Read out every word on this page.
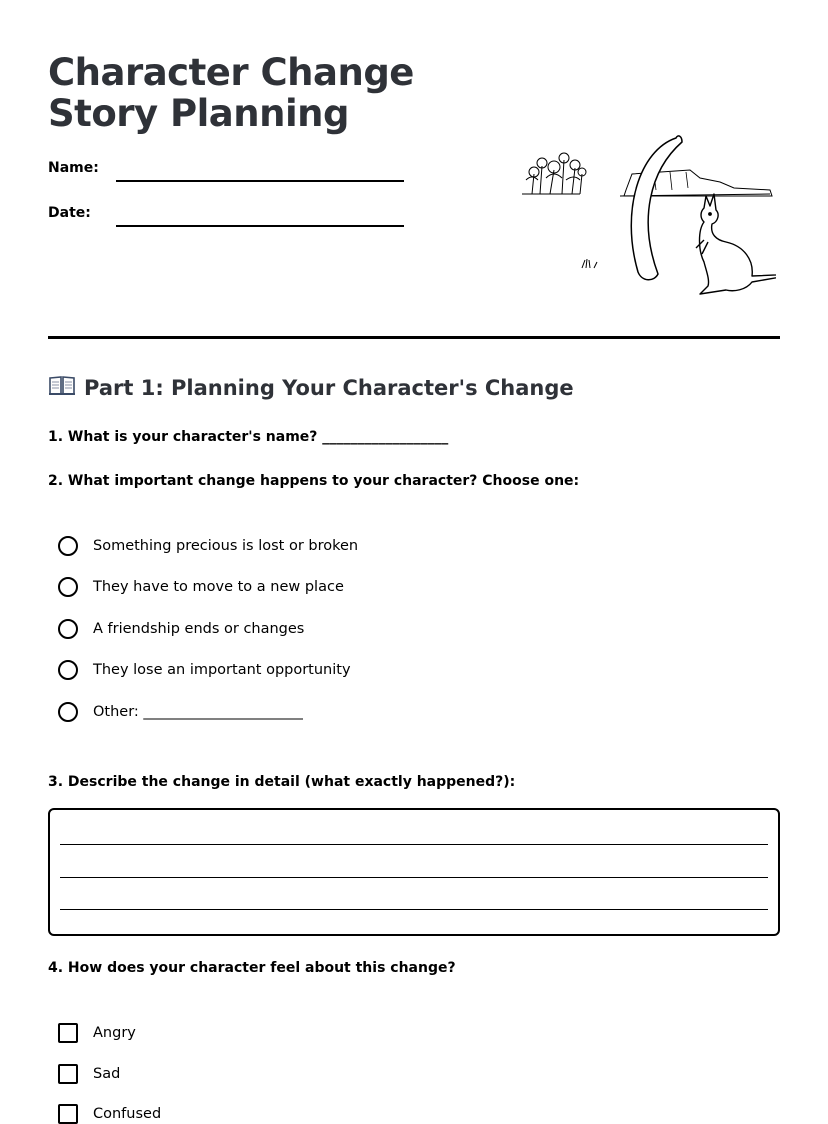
Character Change Story Planning
Name:
Date:
Part 1: Planning Your Character's Change
1. What is your character's name? __________________
2. What important change happens to your character? Choose one:
Something precious is lost or broken
They have to move to a new place
A friendship ends or changes
They lose an important opportunity
Other: ______________________
3. Describe the change in detail (what exactly happened?):
4. How does your character feel about this change?
Angry
Sad
Confused
